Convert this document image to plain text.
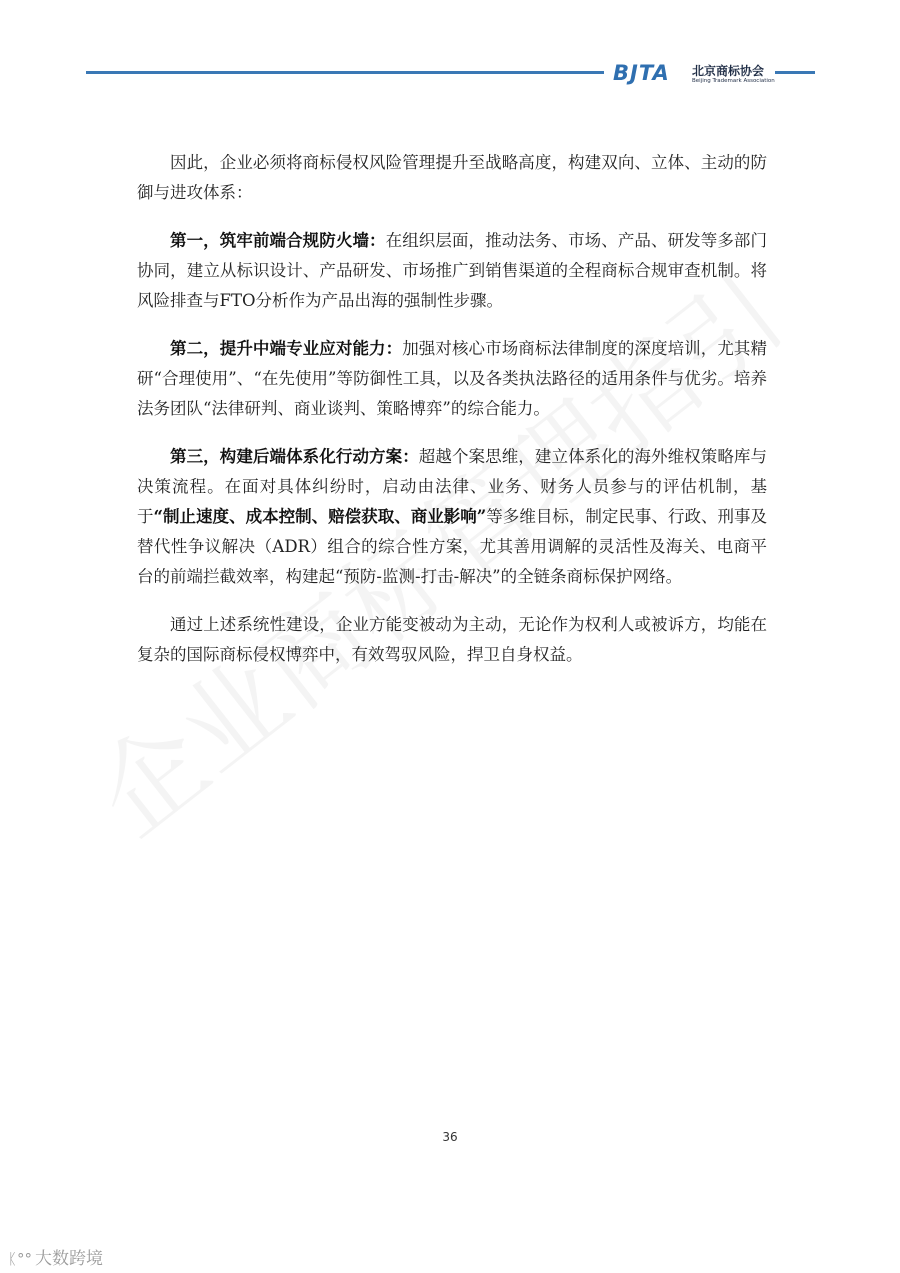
BJTA 北京商标协会
Beijing Trademark Association

因此，企业必须将商标侵权风险管理提升至战略高度，构建双向、立体、主动的防御与进攻体系：

第一，筑牢前端合规防火墙：在组织层面，推动法务、市场、产品、研发等多部门协同，建立从标识设计、产品研发、市场推广到销售渠道的全程商标合规审查机制。将风险排查与FTO分析作为产品出海的强制性步骤。

第二，提升中端专业应对能力：加强对核心市场商标法律制度的深度培训，尤其精研“合理使用”、“在先使用”等防御性工具，以及各类执法路径的适用条件与优劣。培养法务团队“法律研判、商业谈判、策略博弈”的综合能力。

第三，构建后端体系化行动方案：超越个案思维，建立体系化的海外维权策略库与决策流程。在面对具体纠纷时，启动由法律、业务、财务人员参与的评估机制，基于“制止速度、成本控制、赔偿获取、商业影响”等多维目标，制定民事、行政、刑事及替代性争议解决（ADR）组合的综合性方案，尤其善用调解的灵活性及海关、电商平台的前端拦截效率，构建起“预防-监测-打击-解决”的全链条商标保护网络。

通过上述系统性建设，企业方能变被动为主动，无论作为权利人或被诉方，均能在复杂的国际商标侵权博弈中，有效驾驭风险，捍卫自身权益。

36
ᛕ°° 大数跨境
